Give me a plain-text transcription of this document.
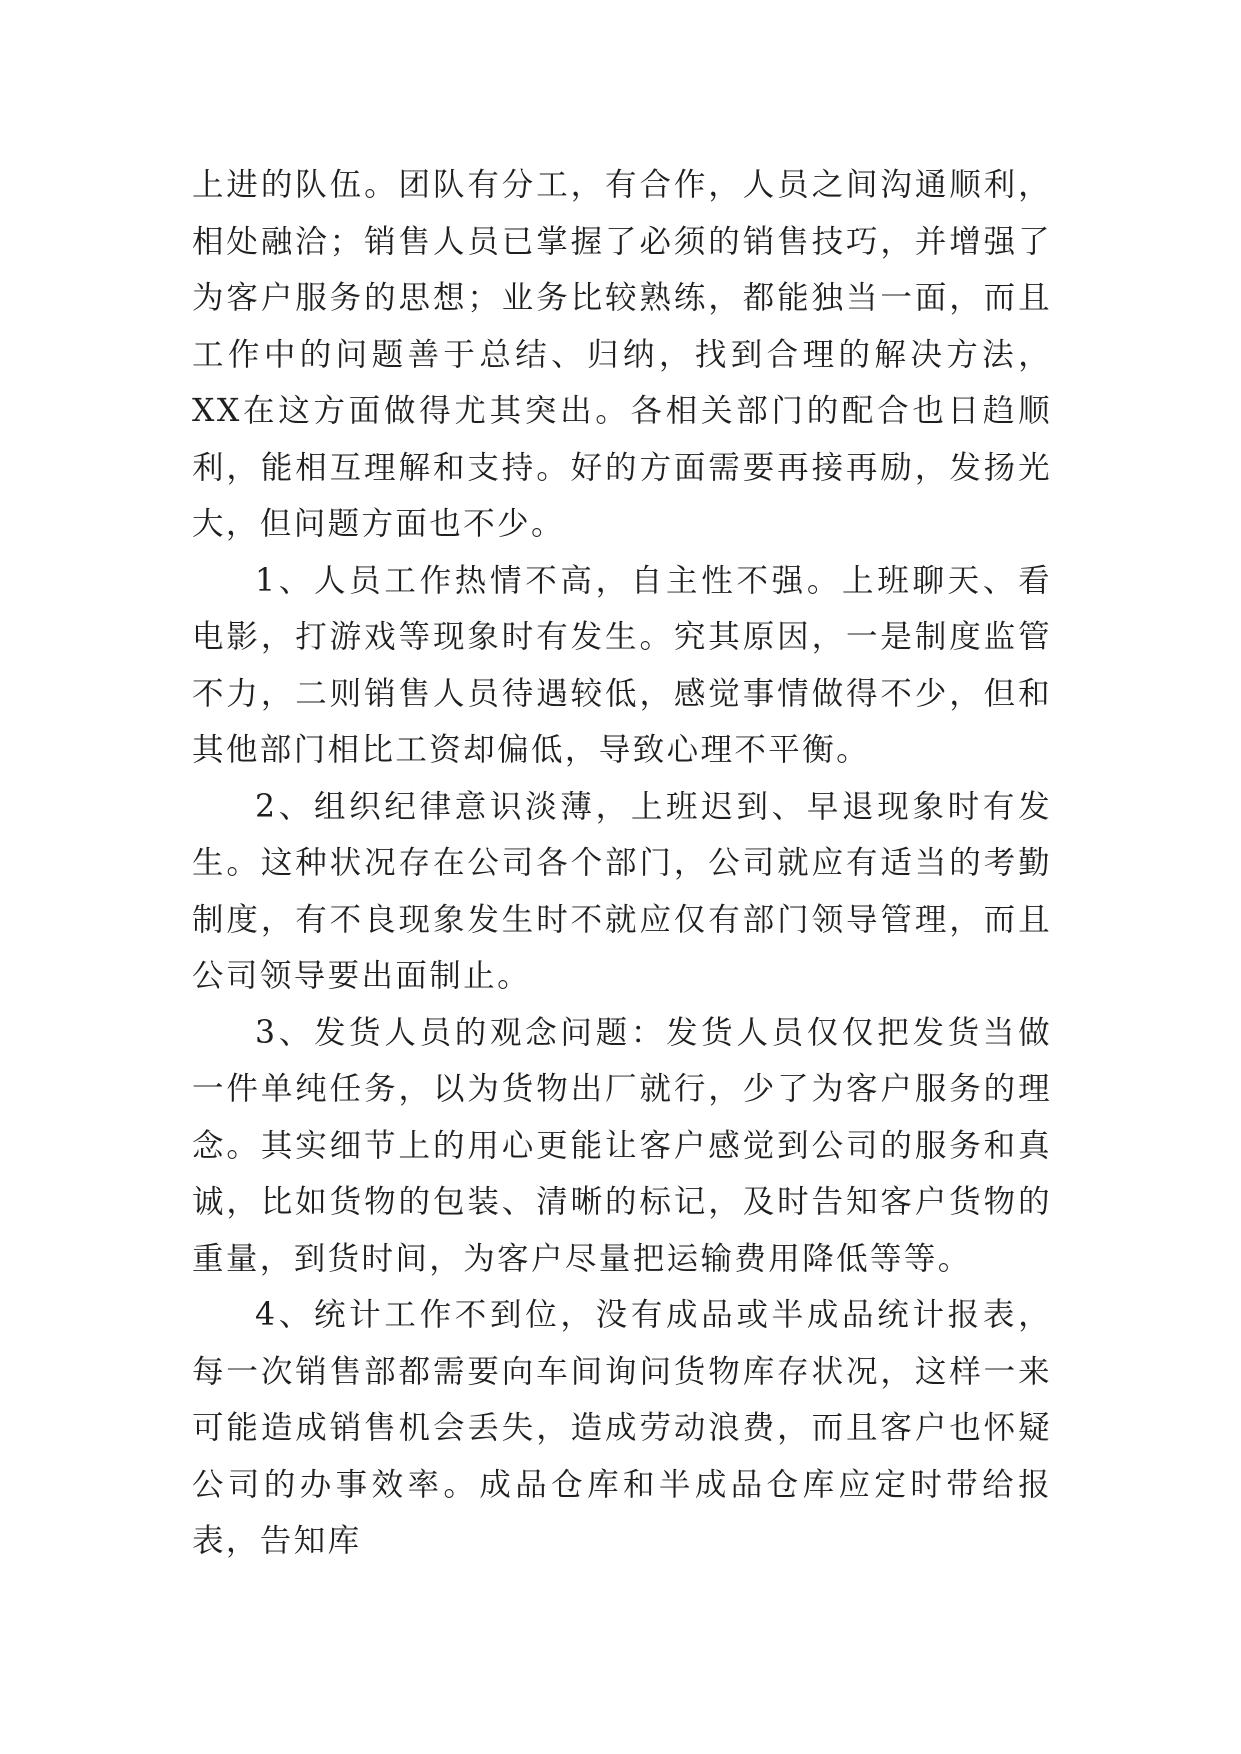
上进的队伍。团队有分工，有合作，人员之间沟通顺利，相处融洽；销售人员已掌握了必须的销售技巧，并增强了为客户服务的思想；业务比较熟练，都能独当一面，而且工作中的问题善于总结、归纳，找到合理的解决方法，XX在这方面做得尤其突出。各相关部门的配合也日趋顺利，能相互理解和支持。好的方面需要再接再励，发扬光大，但问题方面也不少。

1、人员工作热情不高，自主性不强。上班聊天、看电影，打游戏等现象时有发生。究其原因，一是制度监管不力，二则销售人员待遇较低，感觉事情做得不少，但和其他部门相比工资却偏低，导致心理不平衡。

2、组织纪律意识淡薄，上班迟到、早退现象时有发生。这种状况存在公司各个部门，公司就应有适当的考勤制度，有不良现象发生时不就应仅有部门领导管理，而且公司领导要出面制止。

3、发货人员的观念问题：发货人员仅仅把发货当做一件单纯任务，以为货物出厂就行，少了为客户服务的理念。其实细节上的用心更能让客户感觉到公司的服务和真诚，比如货物的包装、清晰的标记，及时告知客户货物的重量，到货时间，为客户尽量把运输费用降低等等。

4、统计工作不到位，没有成品或半成品统计报表，每一次销售部都需要向车间询问货物库存状况，这样一来可能造成销售机会丢失，造成劳动浪费，而且客户也怀疑公司的办事效率。成品仓库和半成品仓库应定时带给报表，告知库
